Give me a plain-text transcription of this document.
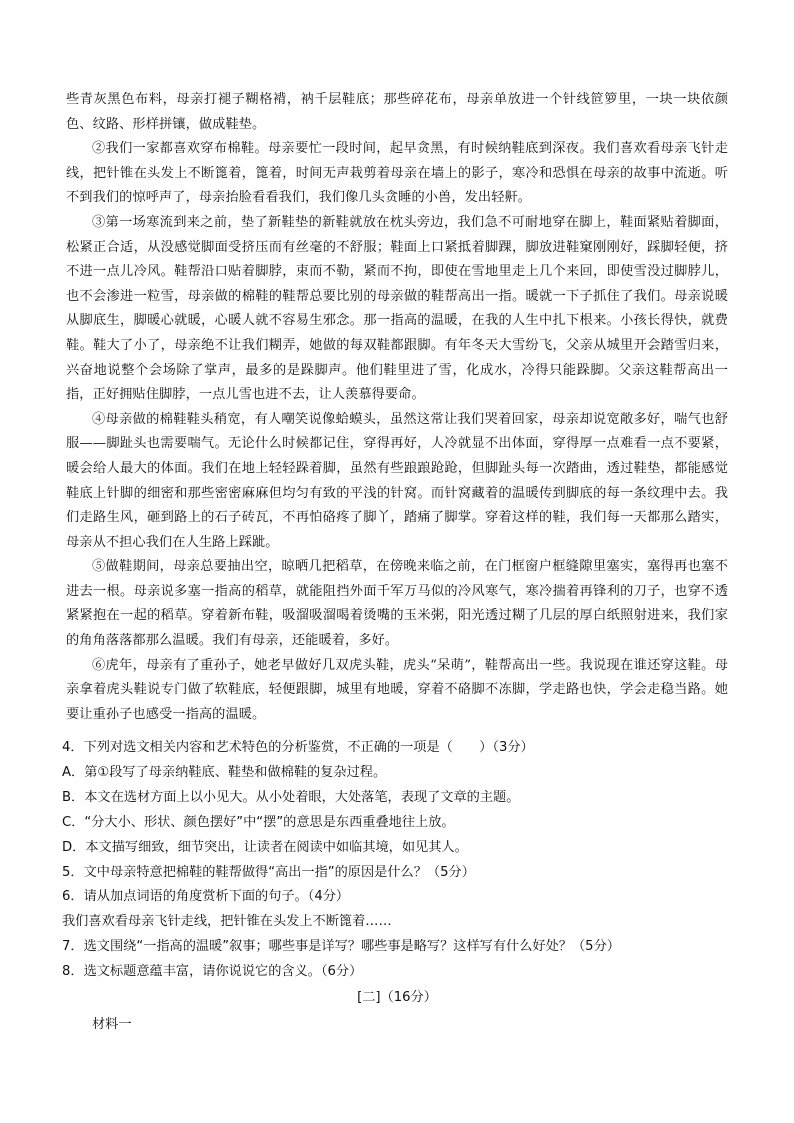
些青灰黑色布料，母亲打褪子糊格褙，衲千层鞋底；那些碎花布，母亲单放进一个针线笸箩里，一块一块依颜色、纹路、形样拼镶，做成鞋垫。

②我们一家都喜欢穿布棉鞋。母亲要忙一段时间，起早贪黑，有时候纳鞋底到深夜。我们喜欢看母亲飞针走线，把针锥在头发上不断篦着，篦着，时间无声栽剪着母亲在墙上的影子，寒冷和恐惧在母亲的故事中流逝。听不到我们的惊呼声了，母亲抬脸看看我们，我们像几头贪睡的小兽，发出轻鼾。

③第一场寒流到来之前，垫了新鞋垫的新鞋就放在枕头旁边，我们急不可耐地穿在脚上，鞋面紧贴着脚面，松紧正合适，从没感觉脚面受挤压而有丝毫的不舒服；鞋面上口紧抵着脚踝，脚放进鞋窠刚刚好，踩脚轻便，挤不进一点儿冷风。鞋帮沿口贴着脚脖，束而不勒，紧而不拘，即使在雪地里走上几个来回，即使雪没过脚脖儿，也不会渗进一粒雪，母亲做的棉鞋的鞋帮总要比别的母亲做的鞋帮高出一指。暖就一下子抓住了我们。母亲说暖从脚底生，脚暖心就暖，心暖人就不容易生邪念。那一指高的温暖，在我的人生中扎下根来。小孩长得快，就费鞋。鞋大了小了，母亲绝不让我们糊弄，她做的每双鞋都跟脚。有年冬天大雪纷飞，父亲从城里开会踏雪归来，兴奋地说整个会场除了掌声，最多的是跺脚声。他们鞋里进了雪，化成水，冷得只能跺脚。父亲这鞋帮高出一指，正好拥贴住脚脖，一点儿雪也进不去，让人羡慕得要命。

④母亲做的棉鞋鞋头稍宽，有人嘲笑说像蛤蟆头，虽然这常让我们哭着回家，母亲却说宽敞多好，喘气也舒服——脚趾头也需要喘气。无论什么时候都记住，穿得再好，人冷就显不出体面，穿得厚一点难看一点不要紧，暖会给人最大的体面。我们在地上轻轻跺着脚，虽然有些踉踉跄跄，但脚趾头每一次踏曲，透过鞋垫，都能感觉鞋底上针脚的细密和那些密密麻麻但均匀有致的平浅的针窝。而针窝藏着的温暖传到脚底的每一条纹理中去。我们走路生风，砸到路上的石子砖瓦，不再怕硌疼了脚丫，踏痛了脚掌。穿着这样的鞋，我们每一天都那么踏实，母亲从不担心我们在人生路上踩跐。

⑤做鞋期间，母亲总要抽出空，晾晒几把稻草，在傍晚来临之前，在门框窗户框缝隙里塞实，塞得再也塞不进去一根。母亲说多塞一指高的稻草，就能阻挡外面千军万马似的冷风寒气，寒冷揣着再锋利的刀子，也穿不透紧紧抱在一起的稻草。穿着新布鞋，吸溜吸溜喝着烫嘴的玉米粥，阳光透过糊了几层的厚白纸照射进来，我们家的角角落落都那么温暖。我们有母亲，还能暖着，多好。

⑥虎年，母亲有了重孙子，她老早做好几双虎头鞋，虎头“呆萌”，鞋帮高出一些。我说现在谁还穿这鞋。母亲拿着虎头鞋说专门做了软鞋底，轻便跟脚，城里有地暖，穿着不硌脚不冻脚，学走路也快，学会走稳当路。她要让重孙子也感受一指高的温暖。

4．下列对选文相关内容和艺术特色的分析鉴赏，不正确的一项是（　　）（3分）

A．第①段写了母亲纳鞋底、鞋垫和做棉鞋的复杂过程。

B．本文在选材方面上以小见大。从小处着眼，大处落笔，表现了文章的主题。

C．“分大小、形状、颜色摆好”中“摆”的意思是东西重叠地往上放。

D．本文描写细致，细节突出，让读者在阅读中如临其境，如见其人。

5．文中母亲特意把棉鞋的鞋帮做得“高出一指”的原因是什么？（5分）

6．请从加点词语的角度赏析下面的句子。（4分）

我们喜欢看母亲飞针走线，把针锥在头发上不断篦着……

7．选文围绕“一指高的温暖”叙事；哪些事是详写？哪些事是略写？这样写有什么好处？（5分）

8．选文标题意蕴丰富，请你说说它的含义。（6分）

[二]（16分）
材料一
